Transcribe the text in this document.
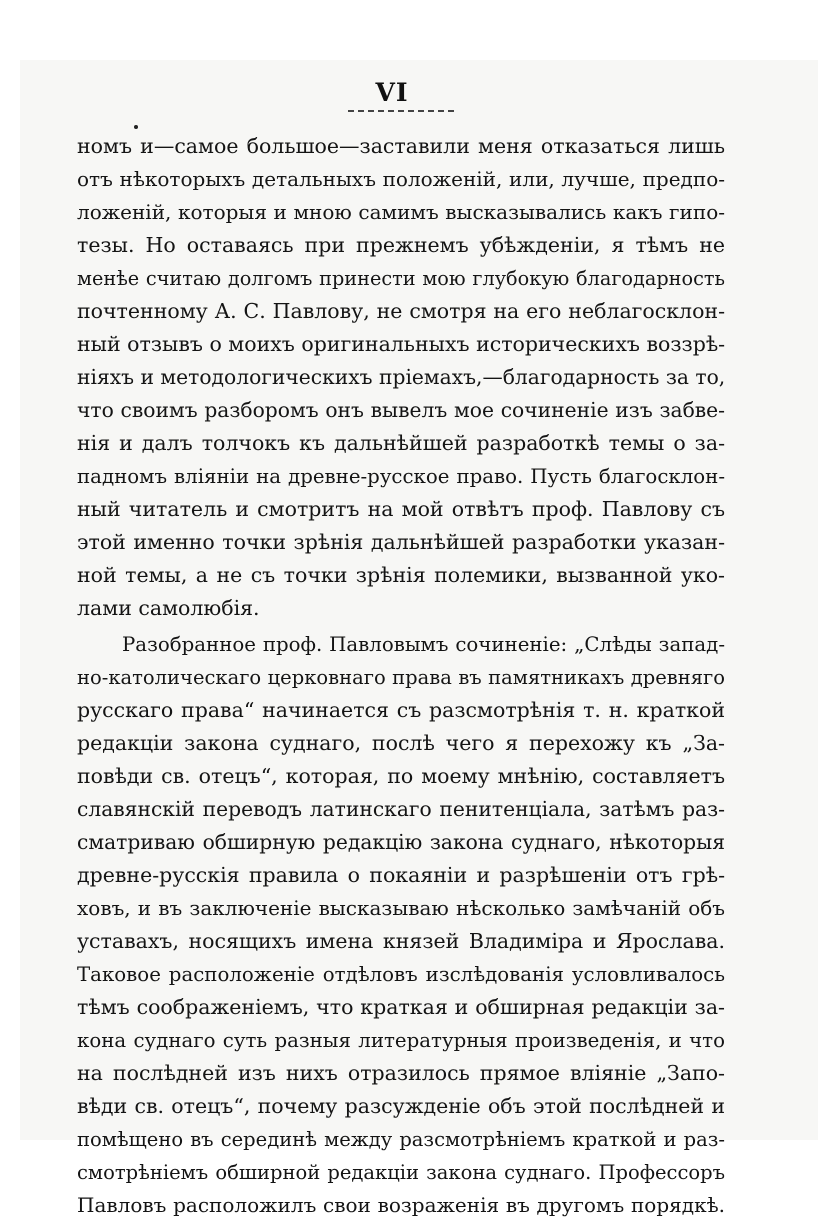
VI
номъ и—самое большое—заставили меня отказаться лишь
отъ нѣкоторыхъ детальныхъ положеній, или, лучше, предпо-
ложеній, которыя и мною самимъ высказывались какъ гипо-
тезы. Но оставаясь при прежнемъ убѣжденіи, я тѣмъ не
менѣе считаю долгомъ принести мою глубокую благодарность
почтенному А. С. Павлову, не смотря на его неблагосклон-
ный отзывъ о моихъ оригинальныхъ историческихъ воззрѣ-
ніяхъ и методологическихъ пріемахъ,—благодарность за то,
что своимъ разборомъ онъ вывелъ мое сочиненіе изъ забве-
нія и далъ толчокъ къ дальнѣйшей разработкѣ темы о за-
падномъ вліяніи на древне-русское право. Пусть благосклон-
ный читатель и смотритъ на мой отвѣтъ проф. Павлову съ
этой именно точки зрѣнія дальнѣйшей разработки указан-
ной темы, а не съ точки зрѣнія полемики, вызванной уко-
лами самолюбія.
Разобранное проф. Павловымъ сочиненіе: „Слѣды запад-
но-католическаго церковнаго права въ памятникахъ древняго
русскаго права“ начинается съ разсмотрѣнія т. н. краткой
редакціи закона суднаго, послѣ чего я перехожу къ „За-
повѣди св. отецъ“, которая, по моему мнѣнію, составляетъ
славянскій переводъ латинскаго пенитенціала, затѣмъ раз-
сматриваю обширную редакцію закона суднаго, нѣкоторыя
древне-русскія правила о покаяніи и разрѣшеніи отъ грѣ-
ховъ, и въ заключеніе высказываю нѣсколько замѣчаній объ
уставахъ, носящихъ имена князей Владиміра и Ярослава.
Таковое расположеніе отдѣловъ изслѣдованія условливалось
тѣмъ соображеніемъ, что краткая и обширная редакціи за-
кона суднаго суть разныя литературныя произведенія, и что
на послѣдней изъ нихъ отразилось прямое вліяніе „Запо-
вѣди св. отецъ“, почему разсужденіе объ этой послѣдней и
помѣщено въ серединѣ между разсмотрѣніемъ краткой и раз-
смотрѣніемъ обширной редакціи закона суднаго. Профессоръ
Павловъ расположилъ свои возраженія въ другомъ порядкѣ.
